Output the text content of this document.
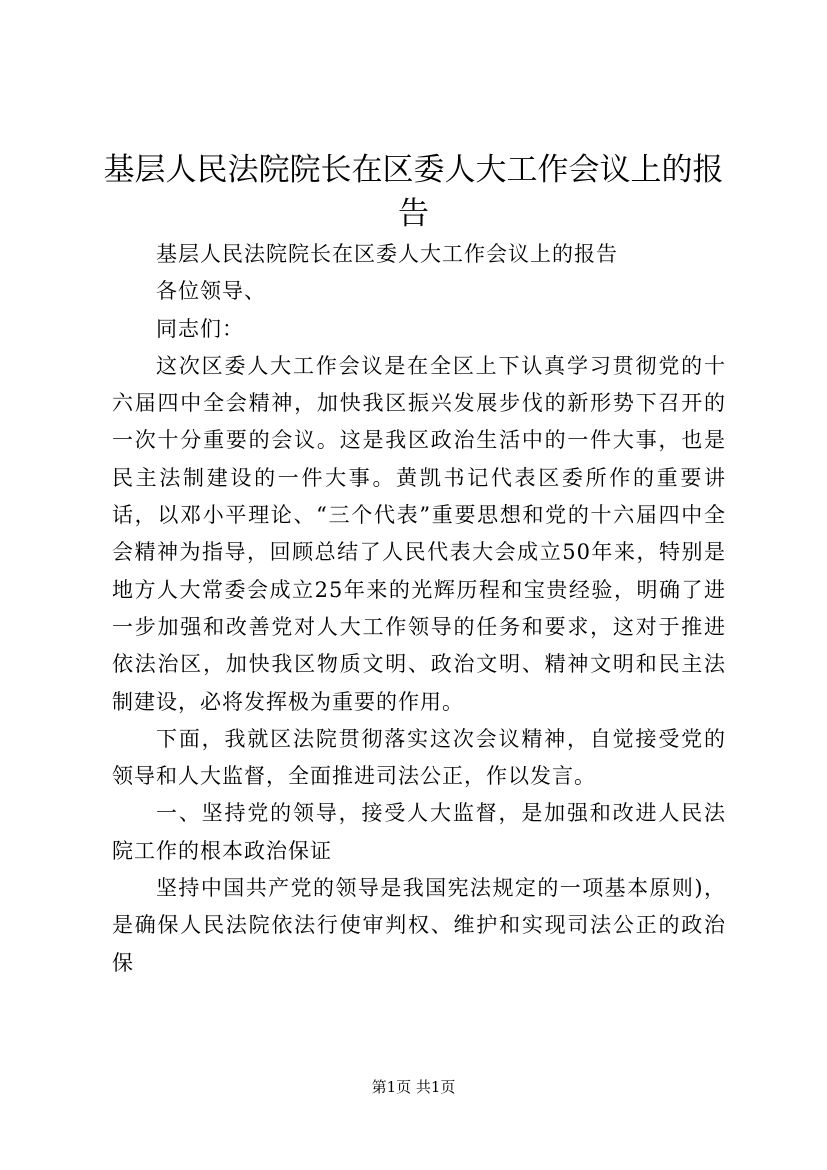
基层人民法院院长在区委人大工作会议上的报告

基层人民法院院长在区委人大工作会议上的报告

各位领导、

同志们：

这次区委人大工作会议是在全区上下认真学习贯彻党的十六届四中全会精神，加快我区振兴发展步伐的新形势下召开的一次十分重要的会议。这是我区政治生活中的一件大事，也是民主法制建设的一件大事。黄凯书记代表区委所作的重要讲话，以邓小平理论、“三个代表”重要思想和党的十六届四中全会精神为指导，回顾总结了人民代表大会成立50年来，特别是地方人大常委会成立25年来的光辉历程和宝贵经验，明确了进一步加强和改善党对人大工作领导的任务和要求，这对于推进依法治区，加快我区物质文明、政治文明、精神文明和民主法制建设，必将发挥极为重要的作用。

下面，我就区法院贯彻落实这次会议精神，自觉接受党的领导和人大监督，全面推进司法公正，作以发言。

一、坚持党的领导，接受人大监督，是加强和改进人民法院工作的根本政治保证

坚持中国共产党的领导是我国宪法规定的一项基本原则)，是确保人民法院依法行使审判权、维护和实现司法公正的政治保

第1页 共1页
